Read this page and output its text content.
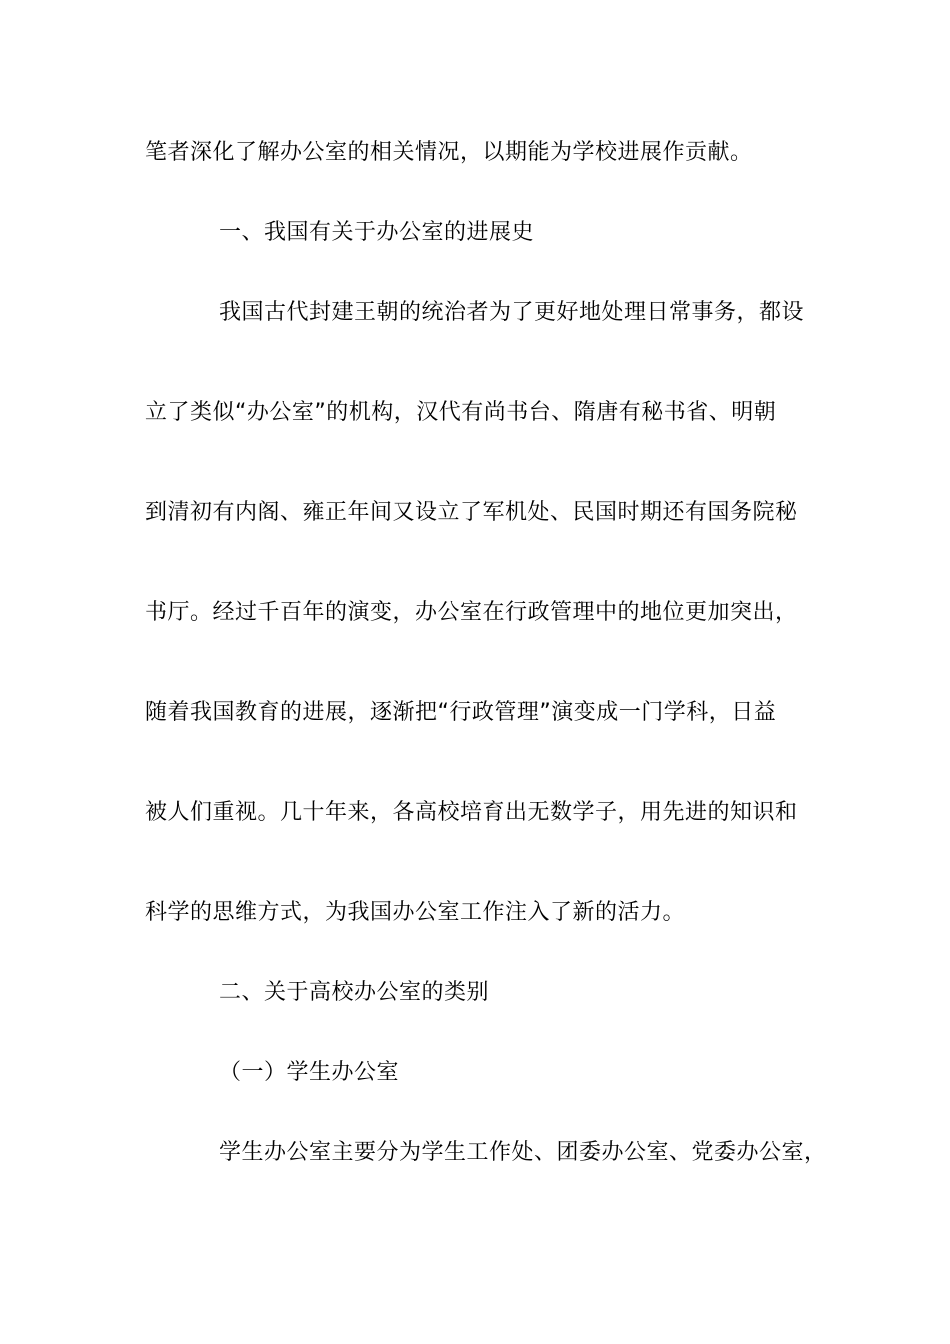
笔者深化了解办公室的相关情况，以期能为学校进展作贡献。
一、我国有关于办公室的进展史
我国古代封建王朝的统治者为了更好地处理日常事务，都设
立了类似“办公室”的机构，汉代有尚书台、隋唐有秘书省、明朝
到清初有内阁、雍正年间又设立了军机处、民国时期还有国务院秘
书厅。经过千百年的演变，办公室在行政管理中的地位更加突出，
随着我国教育的进展，逐渐把“行政管理”演变成一门学科，日益
被人们重视。几十年来，各高校培育出无数学子，用先进的知识和
科学的思维方式，为我国办公室工作注入了新的活力。
二、关于高校办公室的类别
（一）学生办公室
学生办公室主要分为学生工作处、团委办公室、党委办公室，
